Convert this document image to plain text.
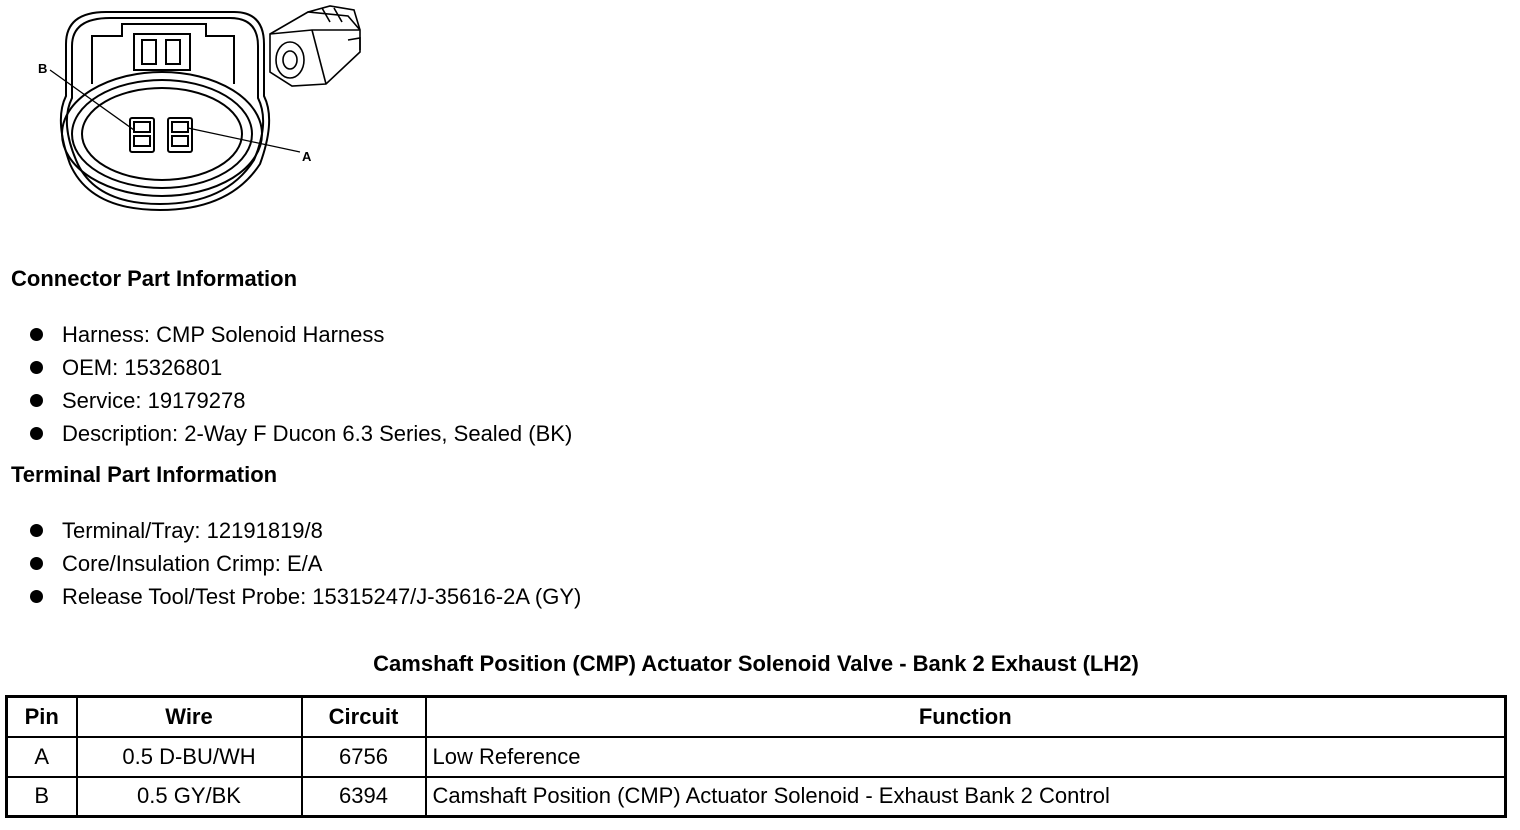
B
A
Connector Part Information
Harness: CMP Solenoid Harness
OEM: 15326801
Service: 19179278
Description: 2-Way F Ducon 6.3 Series, Sealed (BK)
Terminal Part Information
Terminal/Tray: 12191819/8
Core/Insulation Crimp: E/A
Release Tool/Test Probe: 15315247/J-35616-2A (GY)
Camshaft Position (CMP) Actuator Solenoid Valve - Bank 2 Exhaust (LH2)
Pin	Wire	Circuit	Function
A	0.5 D-BU/WH	6756	Low Reference
B	0.5 GY/BK	6394	Camshaft Position (CMP) Actuator Solenoid - Exhaust Bank 2 Control
